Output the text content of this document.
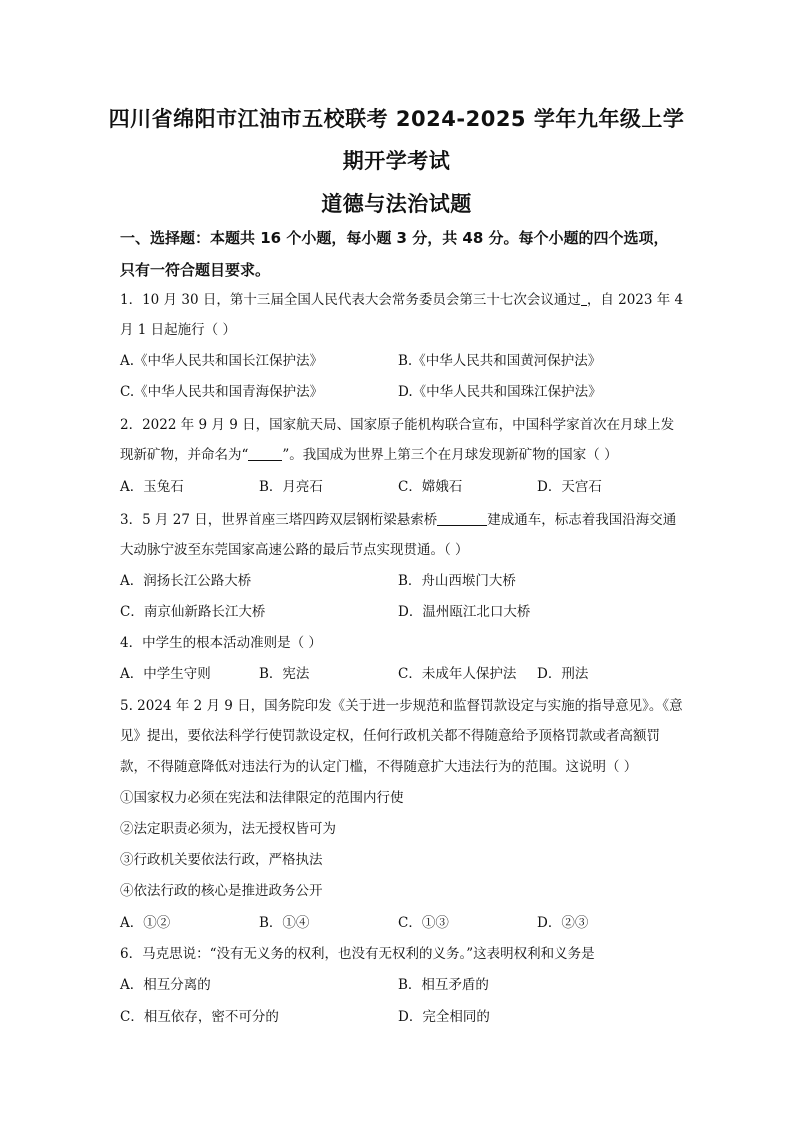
四川省绵阳市江油市五校联考 2024-2025 学年九年级上学
期开学考试
道德与法治试题
一、选择题：本题共 16 个小题，每小题 3 分，共 48 分。每个小题的四个选项，
只有一符合题目要求。
1．10 月 30 日，第十三届全国人民代表大会常务委员会第三十七次会议通过 ，自 2023 年 4
月 1 日起施行（ ）
A.《中华人民共和国长江保护法》	B.《中华人民共和国黄河保护法》
C.《中华人民共和国青海保护法》	D.《中华人民共和国珠江保护法》
2．2022 年 9 月 9 日，国家航天局、国家原子能机构联合宣布，中国科学家首次在月球上发
现新矿物，并命名为“	”。我国成为世界上第三个在月球发现新矿物的国家（ ）
A．玉兔石	B．月亮石	C．嫦娥石	D．天宫石
3．5 月 27 日，世界首座三塔四跨双层钢桁梁悬索桥	建成通车，标志着我国沿海交通
大动脉宁波至东莞国家高速公路的最后节点实现贯通。（ ）
A．润扬长江公路大桥	B．舟山西堠门大桥
C．南京仙新路长江大桥	D．温州瓯江北口大桥
4．中学生的根本活动准则是（ ）
A．中学生守则	B．宪法	C．未成年人保护法 D．刑法
5. 2024 年 2 月 9 日，国务院印发《关于进一步规范和监督罚款设定与实施的指导意见》。《意
见》提出，要依法科学行使罚款设定权，任何行政机关都不得随意给予顶格罚款或者高额罚
款，不得随意降低对违法行为的认定门槛，不得随意扩大违法行为的范围。这说明（ ）
①国家权力必须在宪法和法律限定的范围内行使
②法定职责必须为，法无授权皆可为
③行政机关要依法行政，严格执法
④依法行政的核心是推进政务公开
A．①②	B．①④	C．①③	D．②③
6．马克思说：“没有无义务的权利，也没有无权利的义务。”这表明权利和义务是
A．相互分离的	B．相互矛盾的
C．相互依存，密不可分的	D．完全相同的
